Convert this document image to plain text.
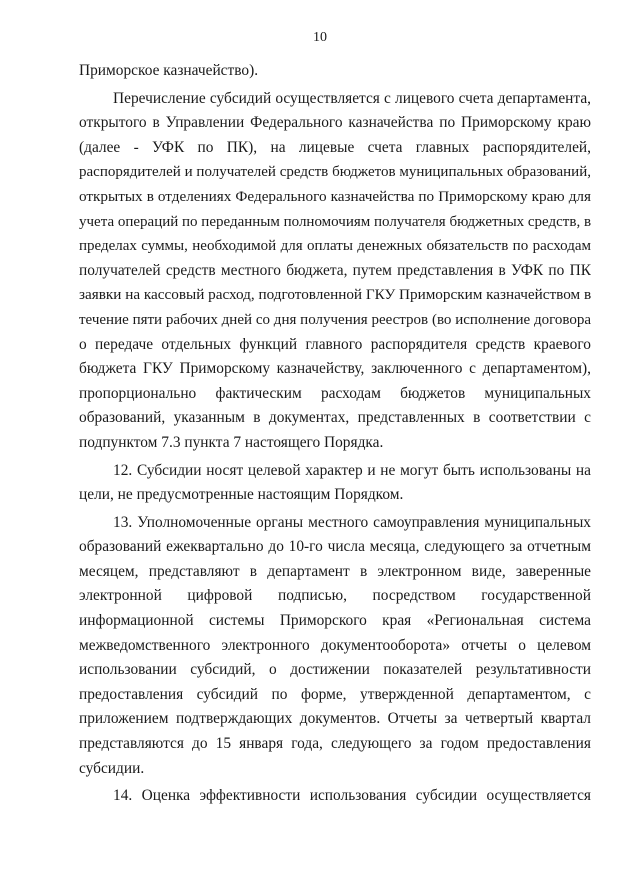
10
Приморское казначейство).
Перечисление субсидий осуществляется с лицевого счета департамента,
открытого в Управлении Федерального казначейства по Приморскому краю
(далее - УФК по ПК), на лицевые счета главных распорядителей,
распорядителей и получателей средств бюджетов муниципальных образований,
открытых в отделениях Федерального казначейства по Приморскому краю для
учета операций по переданным полномочиям получателя бюджетных средств, в
пределах суммы, необходимой для оплаты денежных обязательств по расходам
получателей средств местного бюджета, путем представления в УФК по ПК
заявки на кассовый расход, подготовленной ГКУ Приморским казначейством в
течение пяти рабочих дней со дня получения реестров (во исполнение договора
о передаче отдельных функций главного распорядителя средств краевого
бюджета ГКУ Приморскому казначейству, заключенного с департаментом),
пропорционально фактическим расходам бюджетов муниципальных
образований, указанным в документах, представленных в соответствии с
подпунктом 7.3 пункта 7 настоящего Порядка.
12. Субсидии носят целевой характер и не могут быть использованы на
цели, не предусмотренные настоящим Порядком.
13. Уполномоченные органы местного самоуправления муниципальных
образований ежеквартально до 10-го числа месяца, следующего за отчетным
месяцем, представляют в департамент в электронном виде, заверенные
электронной цифровой подписью, посредством государственной
информационной системы Приморского края «Региональная система
межведомственного электронного документооборота» отчеты о целевом
использовании субсидий, о достижении показателей результативности
предоставления субсидий по форме, утвержденной департаментом, с
приложением подтверждающих документов. Отчеты за четвертый квартал
представляются до 15 января года, следующего за годом предоставления
субсидии.
14. Оценка эффективности использования субсидии осуществляется
